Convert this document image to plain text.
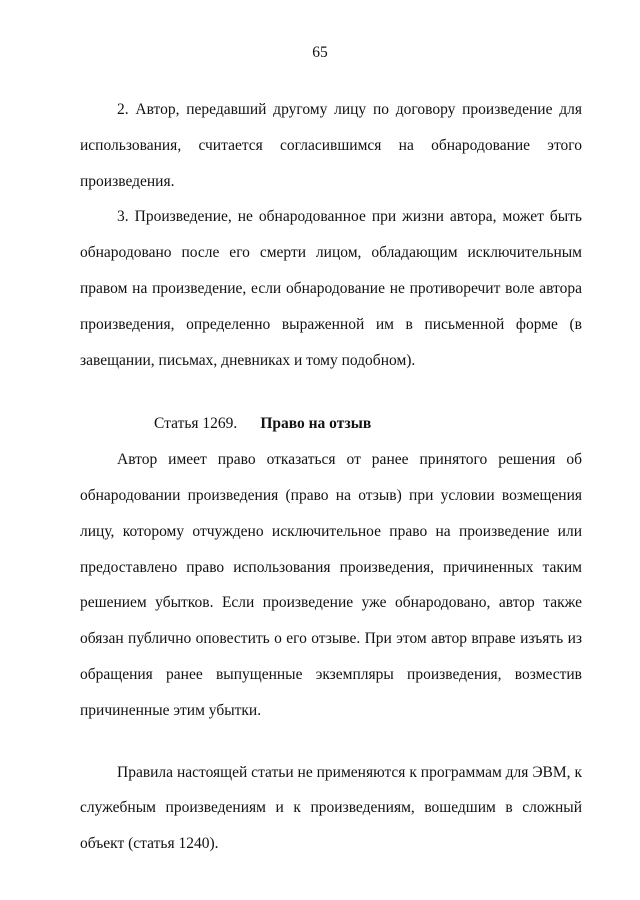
65

2. Автор, передавший другому лицу по договору произведение для использования, считается согласившимся на обнародование этого произведения.

3. Произведение, не обнародованное при жизни автора, может быть обнародовано после его смерти лицом, обладающим исключительным правом на произведение, если обнародование не противоречит воле автора произведения, определенно выраженной им в письменной форме (в завещании, письмах, дневниках и тому подобном).

Статья 1269. Право на отзыв

Автор имеет право отказаться от ранее принятого решения об обнародовании произведения (право на отзыв) при условии возмещения лицу, которому отчуждено исключительное право на произведение или предоставлено право использования произведения, причиненных таким решением убытков. Если произведение уже обнародовано, автор также обязан публично оповестить о его отзыве. При этом автор вправе изъять из обращения ранее выпущенные экземпляры произведения, возместив причиненные этим убытки.

Правила настоящей статьи не применяются к программам для ЭВМ, к служебным произведениям и к произведениям, вошедшим в сложный объект (статья 1240).
